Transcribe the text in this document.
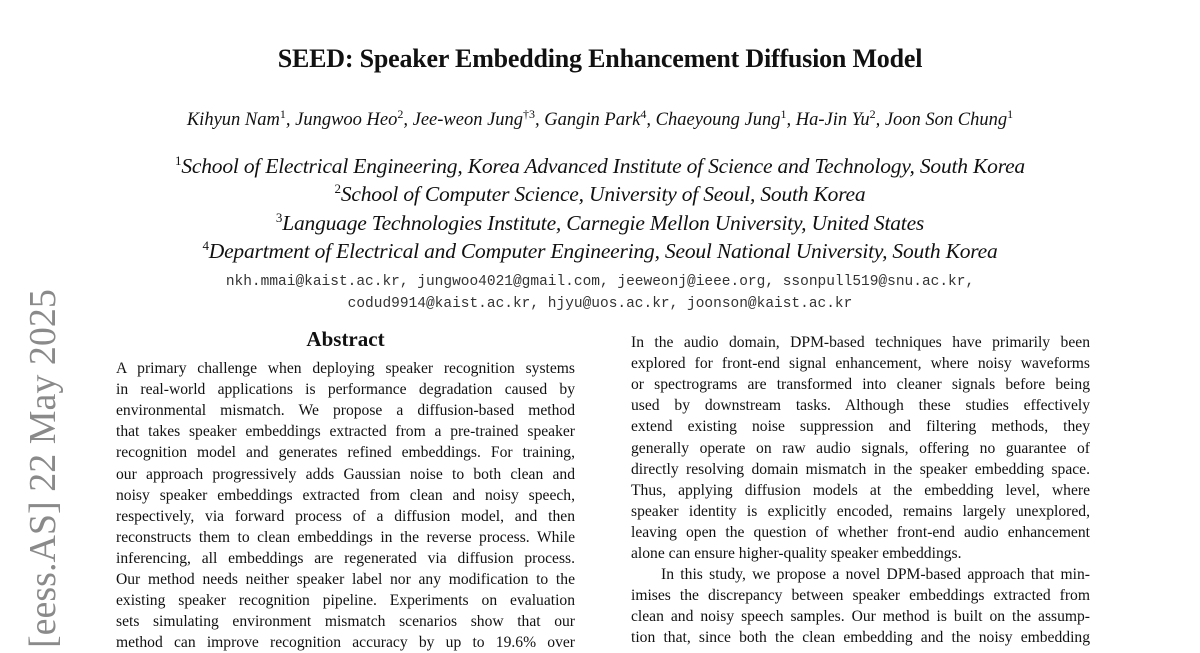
SEED: Speaker Embedding Enhancement Diffusion Model
Kihyun Nam$^1$, Jungwoo Heo$^2$, Jee-weon Jung$^{\dagger 3}$, Gangin Park$^4$, Chaeyoung Jung$^1$, Ha-Jin Yu$^2$, Joon Son Chung$^1$
$^1$School of Electrical Engineering, Korea Advanced Institute of Science and Technology, South Korea
$^2$School of Computer Science, University of Seoul, South Korea
$^3$Language Technologies Institute, Carnegie Mellon University, United States
$^4$Department of Electrical and Computer Engineering, Seoul National University, South Korea
nkh.mmai@kaist.ac.kr, jungwoo4021@gmail.com, jeeweonj@ieee.org, ssonpull519@snu.ac.kr,
codud9914@kaist.ac.kr, hjyu@uos.ac.kr, joonson@kaist.ac.kr
Abstract
A primary challenge when deploying speaker recognition systems
in real-world applications is performance degradation caused by
environmental mismatch. We propose a diffusion-based method
that takes speaker embeddings extracted from a pre-trained speaker
recognition model and generates refined embeddings. For training,
our approach progressively adds Gaussian noise to both clean and
noisy speaker embeddings extracted from clean and noisy speech,
respectively, via forward process of a diffusion model, and then
reconstructs them to clean embeddings in the reverse process. While
inferencing, all embeddings are regenerated via diffusion process.
Our method needs neither speaker label nor any modification to the
existing speaker recognition pipeline. Experiments on evaluation
sets simulating environment mismatch scenarios show that our
method can improve recognition accuracy by up to 19.6% over
In the audio domain, DPM-based techniques have primarily been
explored for front-end signal enhancement, where noisy waveforms
or spectrograms are transformed into cleaner signals before being
used by downstream tasks. Although these studies effectively
extend existing noise suppression and filtering methods, they
generally operate on raw audio signals, offering no guarantee of
directly resolving domain mismatch in the speaker embedding space.
Thus, applying diffusion models at the embedding level, where
speaker identity is explicitly encoded, remains largely unexplored,
leaving open the question of whether front-end audio enhancement
alone can ensure higher-quality speaker embeddings.
In this study, we propose a novel DPM-based approach that min-
imises the discrepancy between speaker embeddings extracted from
clean and noisy speech samples. Our method is built on the assump-
tion that, since both the clean embedding and the noisy embedding
[eess.AS] 22 May 2025
